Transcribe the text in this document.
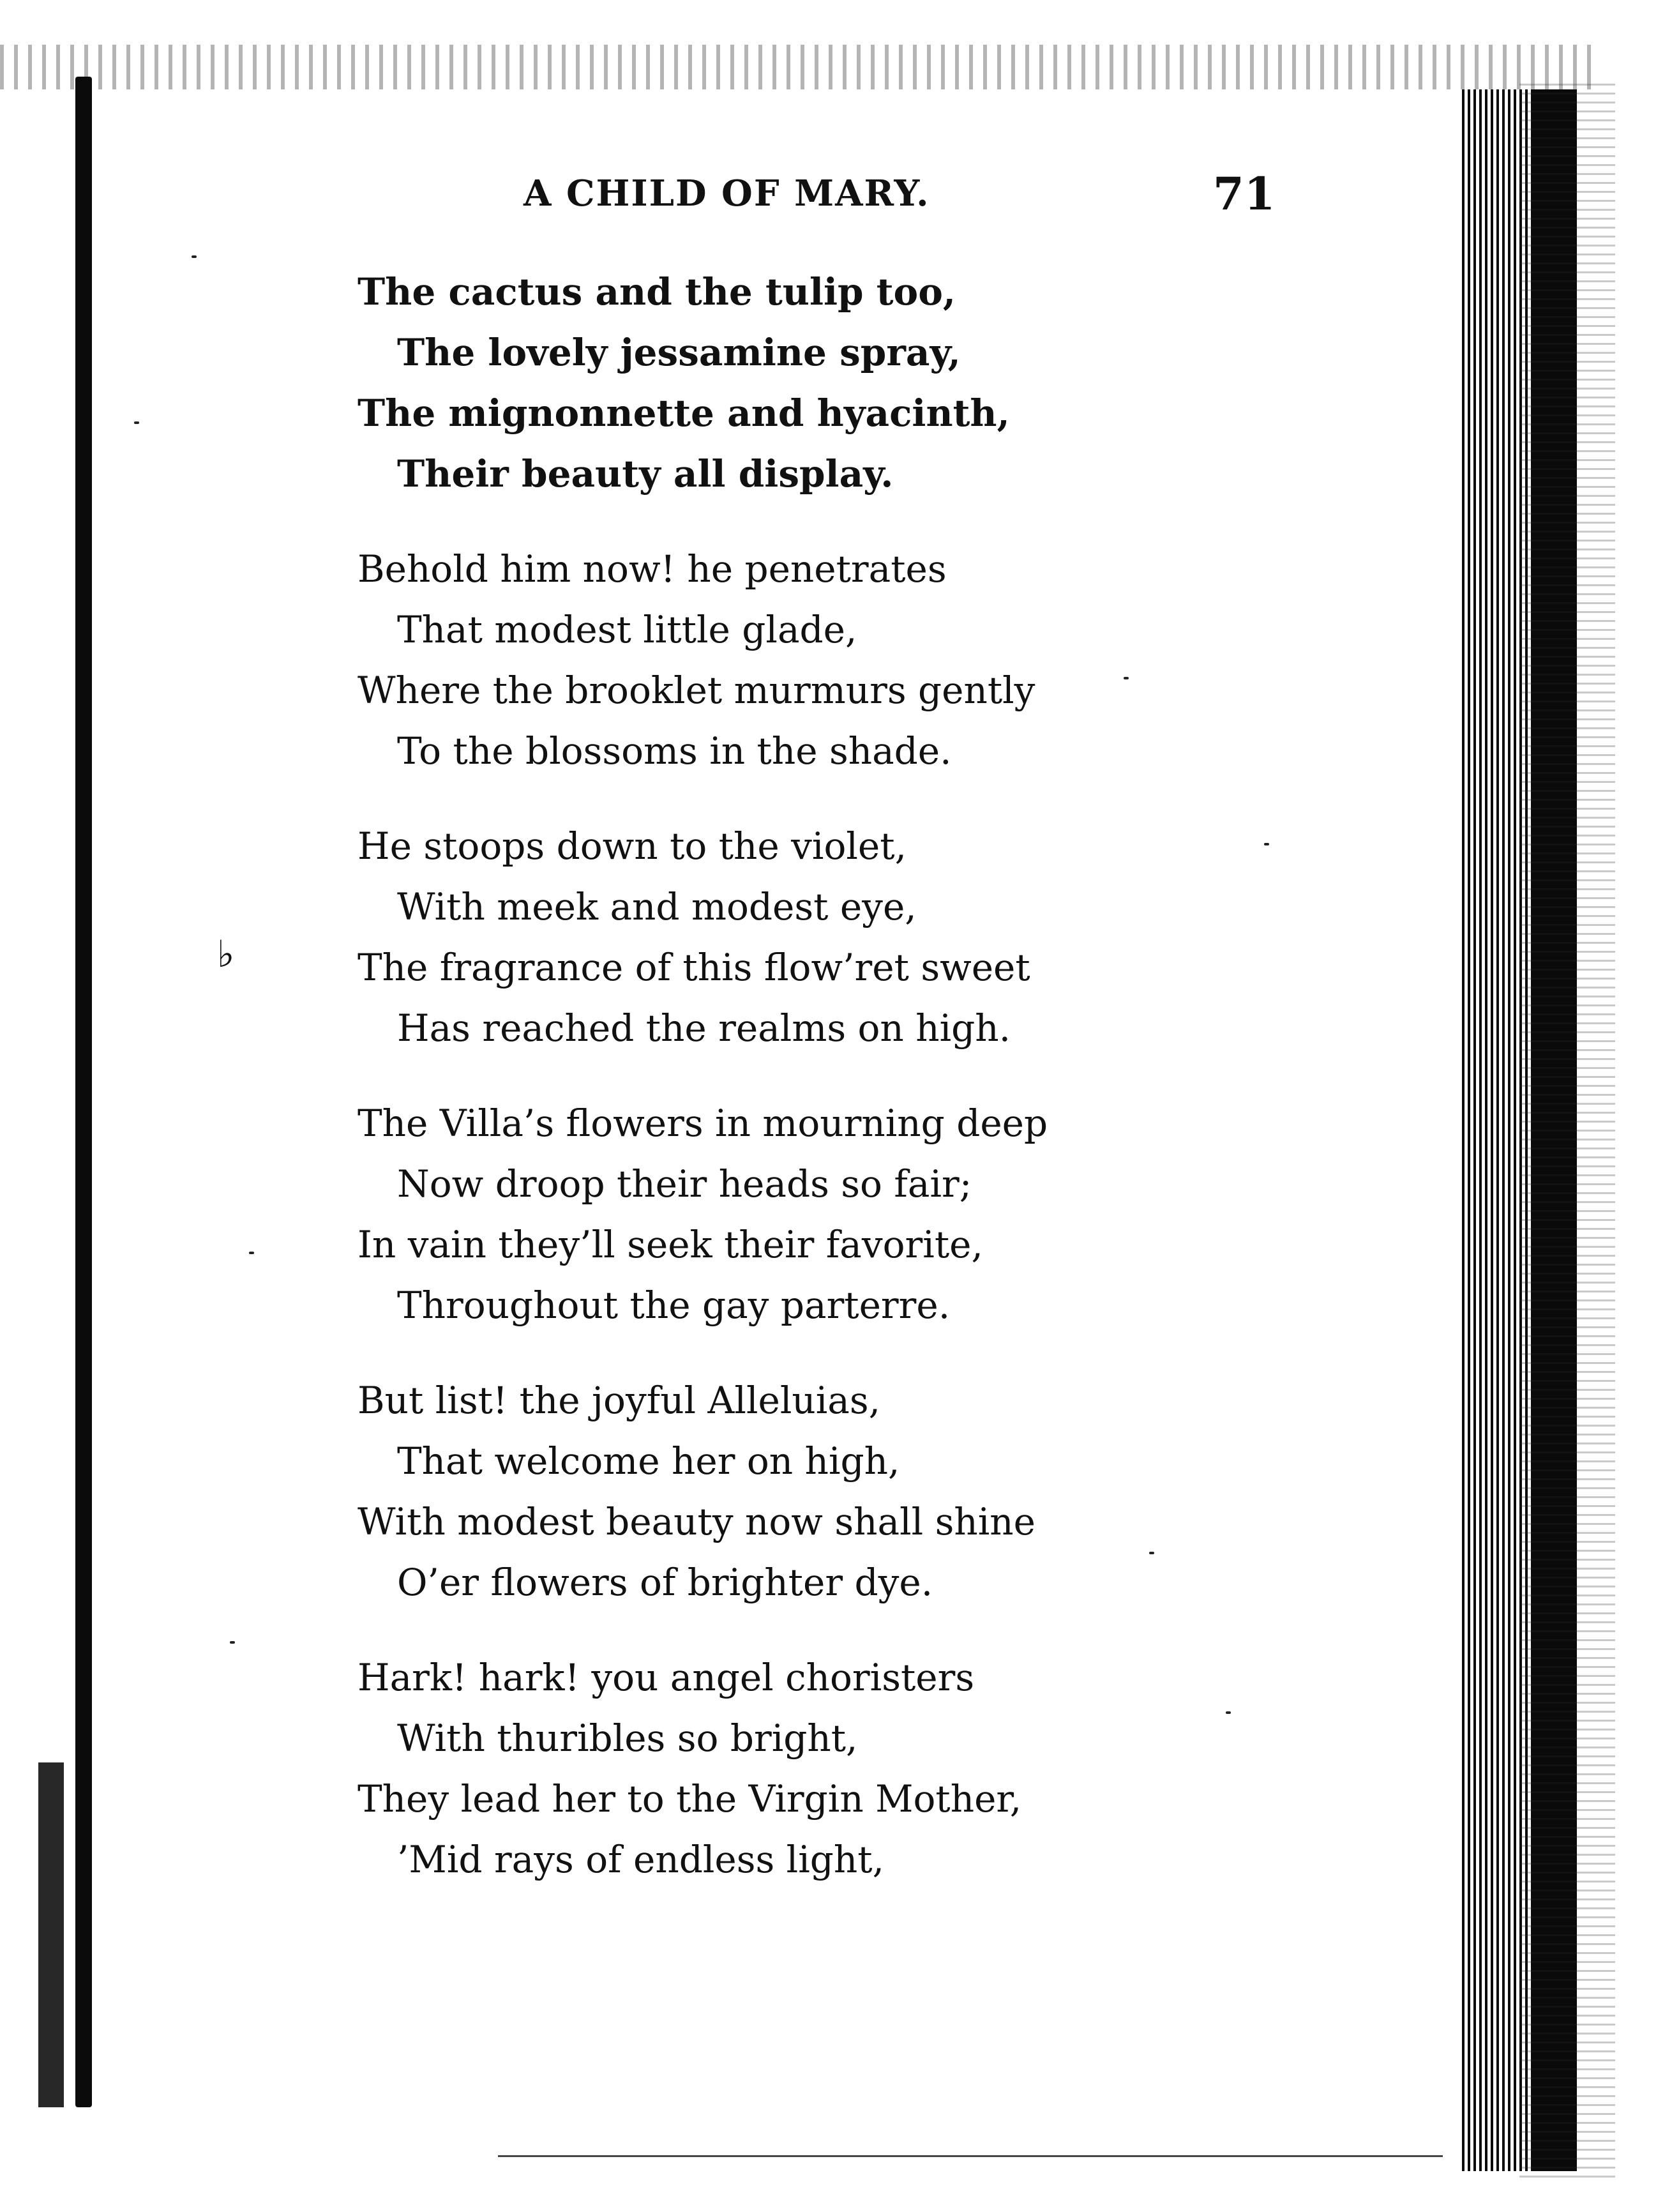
♭
A CHILD OF MARY.	71
The cactus and the tulip too,
The lovely jessamine spray,
The mignonnette and hyacinth,
Their beauty all display.
Behold him now! he penetrates
That modest little glade,
Where the brooklet murmurs gently
To the blossoms in the shade.
He stoops down to the violet,
With meek and modest eye,
The fragrance of this flow’ret sweet
Has reached the realms on high.
The Villa’s flowers in mourning deep
Now droop their heads so fair;
In vain they’ll seek their favorite,
Throughout the gay parterre.
But list! the joyful Alleluias,
That welcome her on high,
With modest beauty now shall shine
O’er flowers of brighter dye.
Hark! hark! you angel choristers
With thuribles so bright,
They lead her to the Virgin Mother,
’Mid rays of endless light,
